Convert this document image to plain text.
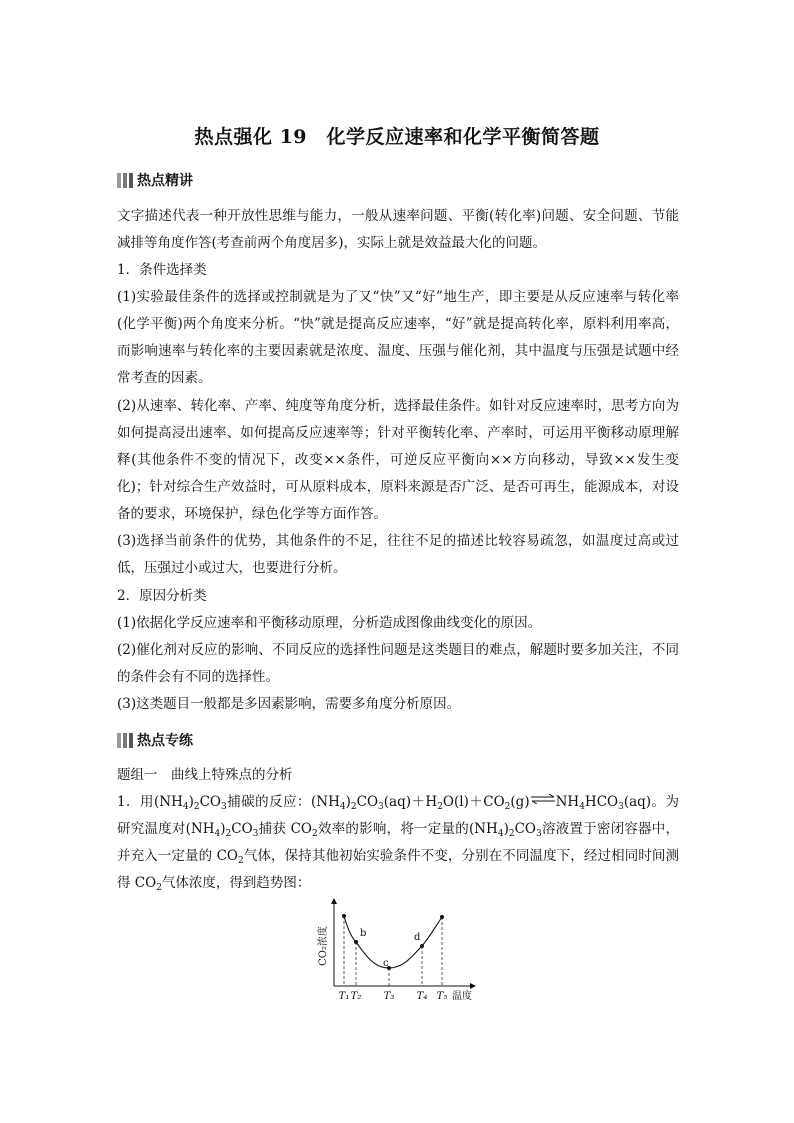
热点强化 19　化学反应速率和化学平衡简答题
热点精讲
文字描述代表一种开放性思维与能力，一般从速率问题、平衡(转化率)问题、安全问题、节能减排等角度作答(考查前两个角度居多)，实际上就是效益最大化的问题。
1．条件选择类
(1)实验最佳条件的选择或控制就是为了又“快”又“好”地生产，即主要是从反应速率与转化率(化学平衡)两个角度来分析。“快”就是提高反应速率，“好”就是提高转化率，原料利用率高，而影响速率与转化率的主要因素就是浓度、温度、压强与催化剂，其中温度与压强是试题中经常考查的因素。
(2)从速率、转化率、产率、纯度等角度分析，选择最佳条件。如针对反应速率时，思考方向为如何提高浸出速率、如何提高反应速率等；针对平衡转化率、产率时，可运用平衡移动原理解释(其他条件不变的情况下，改变××条件，可逆反应平衡向××方向移动，导致××发生变化)；针对综合生产效益时，可从原料成本，原料来源是否广泛、是否可再生，能源成本，对设备的要求，环境保护，绿色化学等方面作答。
(3)选择当前条件的优势，其他条件的不足，往往不足的描述比较容易疏忽，如温度过高或过低，压强过小或过大，也要进行分析。
2．原因分析类
(1)依据化学反应速率和平衡移动原理，分析造成图像曲线变化的原因。
(2)催化剂对反应的影响、不同反应的选择性问题是这类题目的难点，解题时要多加关注，不同的条件会有不同的选择性。
(3)这类题目一般都是多因素影响，需要多角度分析原因。
热点专练
题组一　曲线上特殊点的分析
1．用$(NH_4)_2CO_3$捕碳的反应：$(NH_4)_2CO_3(aq)+H_2O(l)+CO_2(g)\rightleftharpoons NH_4HCO_3(aq)$。为研究温度对$(NH_4)_2CO_3$捕获 $CO_2$效率的影响，将一定量的$(NH_4)_2CO_3$溶液置于密闭容器中，并充入一定量的 $CO_2$气体，保持其他初始实验条件不变，分别在不同温度下，经过相同时间测得 $CO_2$气体浓度，得到趋势图：
CO₂浓度
温度
T₁ T₂ T₃ T₄ T₅
b
c
d
